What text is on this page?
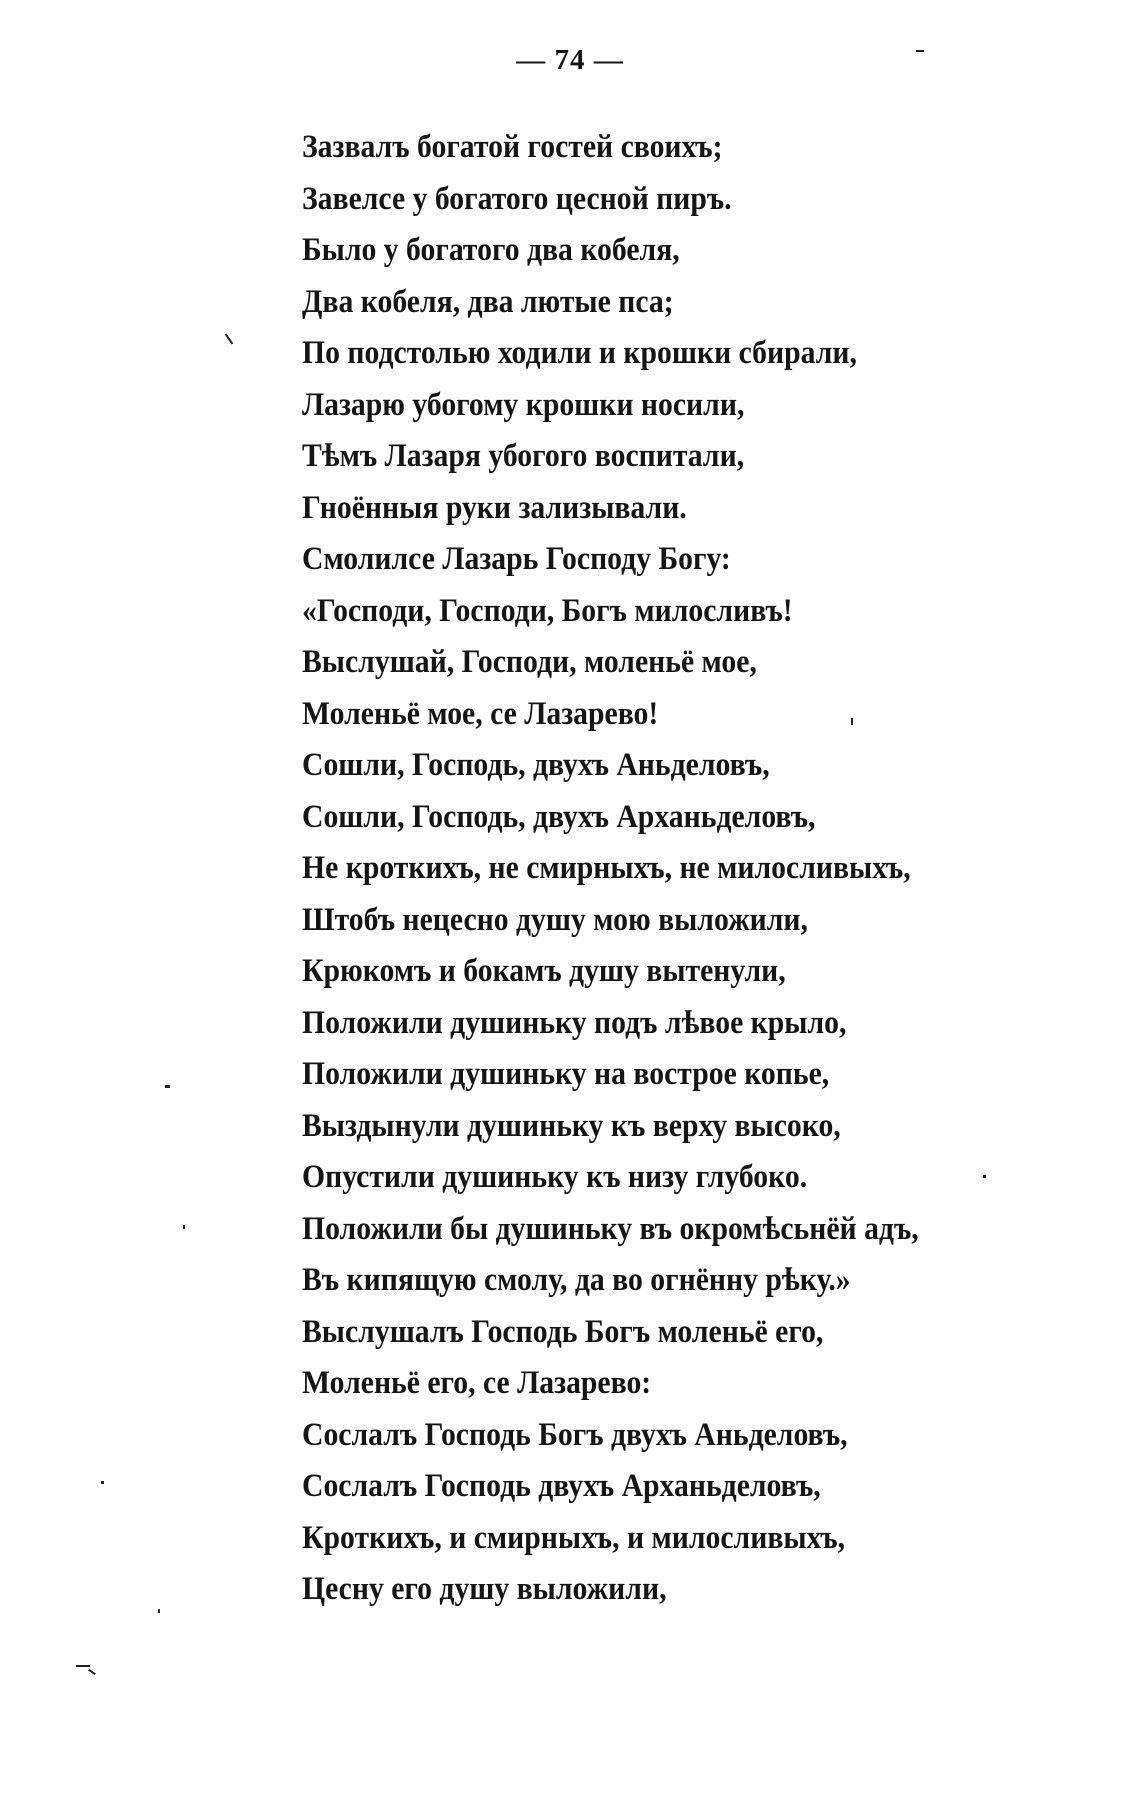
— 74 —
Зазвалъ богатой гостей своихъ;
Завелсе у богатого цесной пиръ.
Было у богатого два кобеля,
Два кобеля, два лютые пса;
По подстолью ходили и крошки сбирали,
Лазарю убогому крошки носили,
Тѣмъ Лазаря убогого воспитали,
Гноённыя руки зализывали.
Смолилсе Лазарь Господу Богу:
«Господи, Господи, Богъ милосливъ!
Выслушай, Господи, моленьё мое,
Моленьё мое, се Лазарево!
Сошли, Господь, двухъ Аньделовъ,
Сошли, Господь, двухъ Арханьделовъ,
Не кроткихъ, не смирныхъ, не милосливыхъ,
Штобъ нецесно душу мою выложили,
Крюкомъ и бокамъ душу вытенули,
Положили душиньку подъ лѣвое крыло,
Положили душиньку на вострое копье,
Выздынули душиньку къ верху высоко,
Опустили душиньку къ низу глубоко.
Положили бы душиньку въ окромѣсьнёй адъ,
Въ кипящую смолу, да во огнённу рѣку.»
Выслушалъ Господь Богъ моленьё его,
Моленьё его, се Лазарево:
Сослалъ Господь Богъ двухъ Аньделовъ,
Сослалъ Господь двухъ Арханьделовъ,
Кроткихъ, и смирныхъ, и милосливыхъ,
Цесну его душу выложили,
